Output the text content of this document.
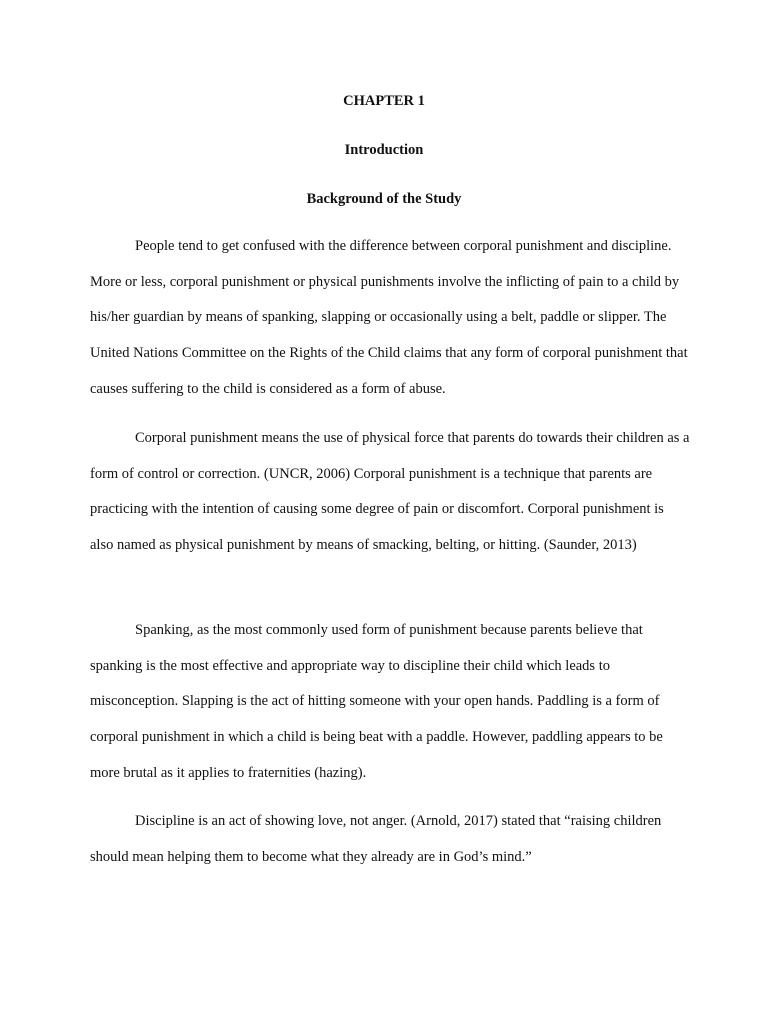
CHAPTER 1
Introduction
Background of the Study

People tend to get confused with the difference between corporal punishment and discipline. More or less, corporal punishment or physical punishments involve the inflicting of pain to a child by his/her guardian by means of spanking, slapping or occasionally using a belt, paddle or slipper. The United Nations Committee on the Rights of the Child claims that any form of corporal punishment that causes suffering to the child is considered as a form of abuse.

Corporal punishment means the use of physical force that parents do towards their children as a form of control or correction. (UNCR, 2006) Corporal punishment is a technique that parents are practicing with the intention of causing some degree of pain or discomfort. Corporal punishment is also named as physical punishment by means of smacking, belting, or hitting. (Saunder, 2013)

Spanking, as the most commonly used form of punishment because parents believe that spanking is the most effective and appropriate way to discipline their child which leads to misconception. Slapping is the act of hitting someone with your open hands. Paddling is a form of corporal punishment in which a child is being beat with a paddle. However, paddling appears to be more brutal as it applies to fraternities (hazing).

Discipline is an act of showing love, not anger. (Arnold, 2017) stated that “raising children should mean helping them to become what they already are in God’s mind.”
